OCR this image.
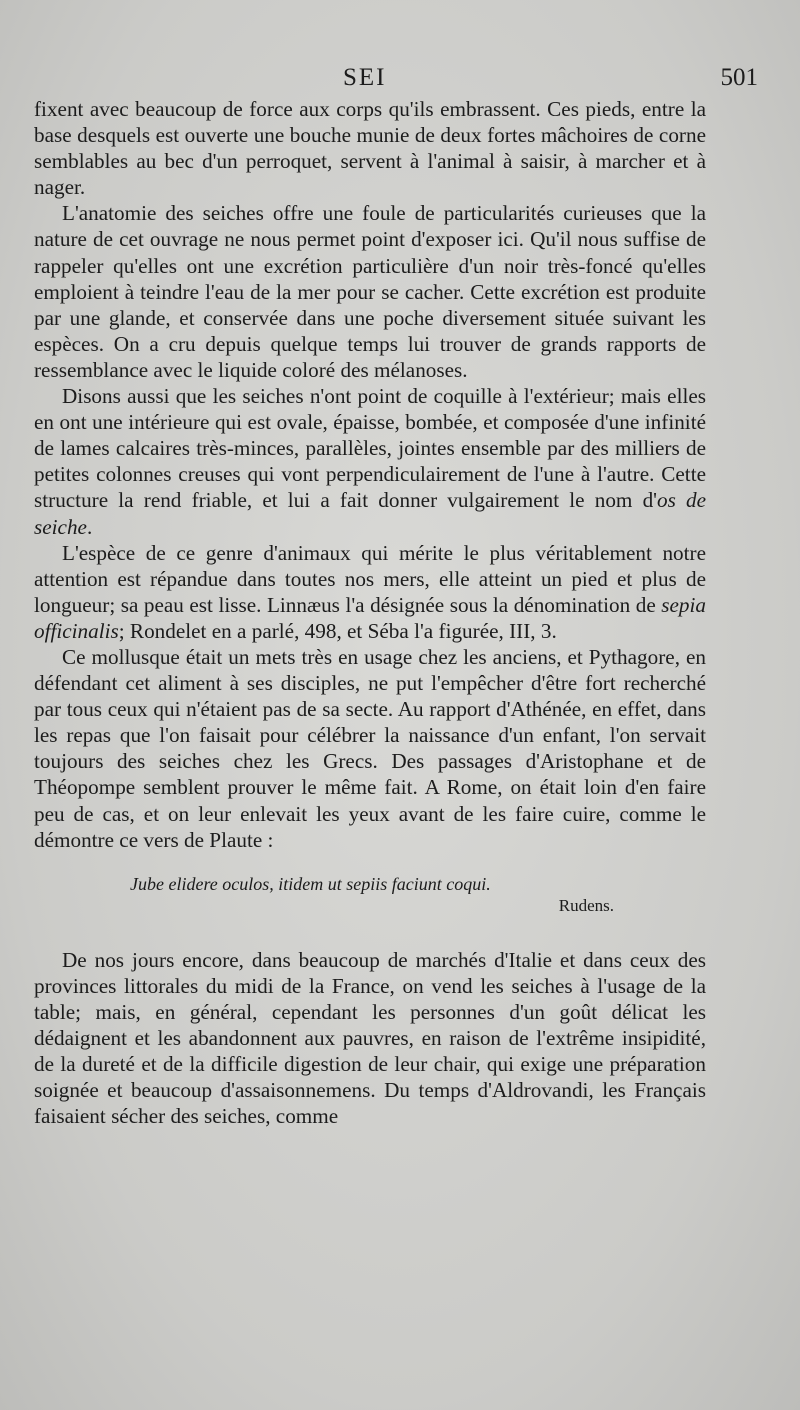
SEI	501

fixent avec beaucoup de force aux corps qu'ils embrassent. Ces pieds, entre la base desquels est ouverte une bouche munie de deux fortes mâchoires de corne semblables au bec d'un perroquet, servent à l'animal à saisir, à marcher et à nager.

L'anatomie des seiches offre une foule de particularités curieuses que la nature de cet ouvrage ne nous permet point d'exposer ici. Qu'il nous suffise de rappeler qu'elles ont une excrétion particulière d'un noir très-foncé qu'elles emploient à teindre l'eau de la mer pour se cacher. Cette excrétion est produite par une glande, et conservée dans une poche diversement située suivant les espèces. On a cru depuis quelque temps lui trouver de grands rapports de ressemblance avec le liquide coloré des mélanoses.

Disons aussi que les seiches n'ont point de coquille à l'extérieur; mais elles en ont une intérieure qui est ovale, épaisse, bombée, et composée d'une infinité de lames calcaires très-minces, parallèles, jointes ensemble par des milliers de petites colonnes creuses qui vont perpendiculairement de l'une à l'autre. Cette structure la rend friable, et lui a fait donner vulgairement le nom d'os de seiche.

L'espèce de ce genre d'animaux qui mérite le plus véritablement notre attention est répandue dans toutes nos mers, elle atteint un pied et plus de longueur; sa peau est lisse. Linnæus l'a désignée sous la dénomination de sepia officinalis; Rondelet en a parlé, 498, et Séba l'a figurée, III, 3.

Ce mollusque était un mets très en usage chez les anciens, et Pythagore, en défendant cet aliment à ses disciples, ne put l'empêcher d'être fort recherché par tous ceux qui n'étaient pas de sa secte. Au rapport d'Athénée, en effet, dans les repas que l'on faisait pour célébrer la naissance d'un enfant, l'on servait toujours des seiches chez les Grecs. Des passages d'Aristophane et de Théopompe semblent prouver le même fait. A Rome, on était loin d'en faire peu de cas, et on leur enlevait les yeux avant de les faire cuire, comme le démontre ce vers de Plaute :

Jube elidere oculos, itidem ut sepiis faciunt coqui.
Rudens.

De nos jours encore, dans beaucoup de marchés d'Italie et dans ceux des provinces littorales du midi de la France, on vend les seiches à l'usage de la table; mais, en général, cependant les personnes d'un goût délicat les dédaignent et les abandonnent aux pauvres, en raison de l'extrême insipidité, de la dureté et de la difficile digestion de leur chair, qui exige une préparation soignée et beaucoup d'assaisonnemens. Du temps d'Aldrovandi, les Français faisaient sécher des seiches, comme
